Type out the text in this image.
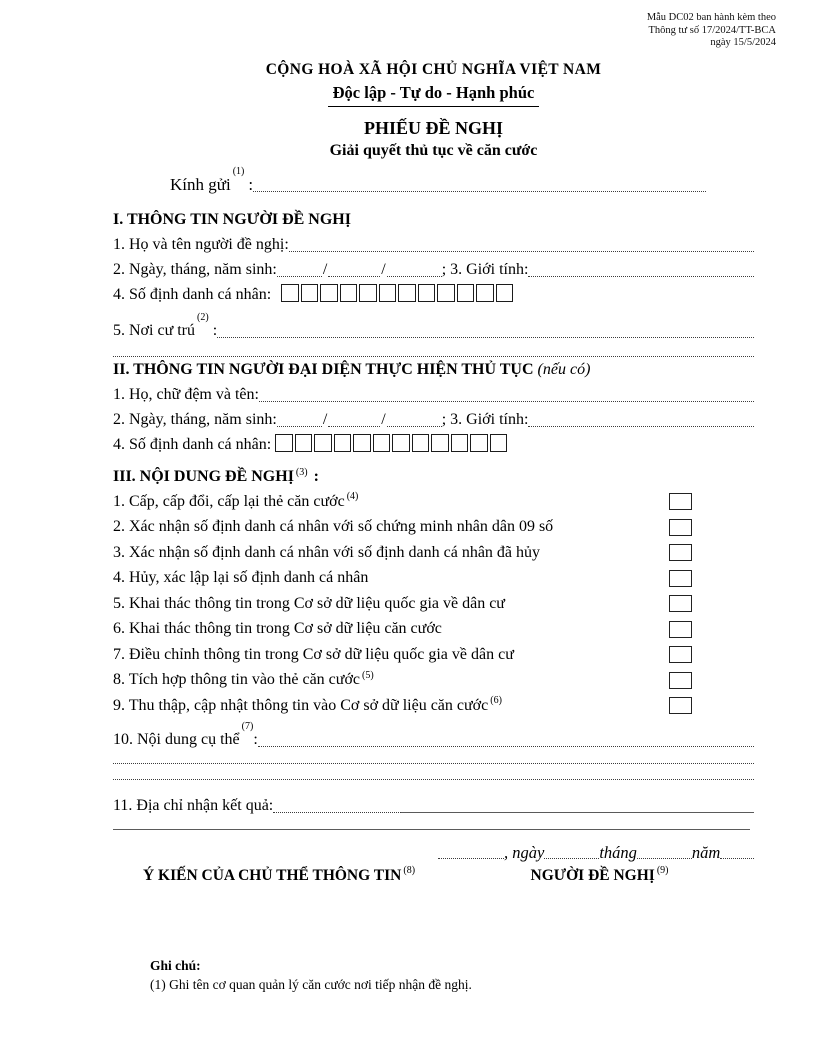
Mẫu DC02 ban hành kèm theo
Thông tư số 17/2024/TT-BCA
ngày 15/5/2024
CỘNG HOÀ XÃ HỘI CHỦ NGHĨA VIỆT NAM
Độc lập - Tự do - Hạnh phúc
PHIẾU ĐỀ NGHỊ
Giải quyết thủ tục về căn cước
Kính gửi
(1)
:
I. THÔNG TIN NGƯỜI ĐỀ NGHỊ
1. Họ và tên người đề nghị:
2. Ngày, tháng, năm sinh:	/	/	; 3. Giới tính:
4. Số định danh cá nhân:
5. Nơi cư trú
(2)
:
II. THÔNG TIN NGƯỜI ĐẠI DIỆN THỰC HIỆN THỦ TỤC (nếu có)
1. Họ, chữ đệm và tên:
2. Ngày, tháng, năm sinh:	/	/	; 3. Giới tính:
4. Số định danh cá nhân:
III. NỘI DUNG ĐỀ NGHỊ $^{(3)}$ :
1. Cấp, cấp đổi, cấp lại thẻ căn cước $^{(4)}$
2. Xác nhận số định danh cá nhân với số chứng minh nhân dân 09 số
3. Xác nhận số định danh cá nhân với số định danh cá nhân đã hủy
4. Hủy, xác lập lại số định danh cá nhân
5. Khai thác thông tin trong Cơ sở dữ liệu quốc gia về dân cư
6. Khai thác thông tin trong Cơ sở dữ liệu căn cước
7. Điều chỉnh thông tin trong Cơ sở dữ liệu quốc gia về dân cư
8. Tích hợp thông tin vào thẻ căn cước $^{(5)}$
9. Thu thập, cập nhật thông tin vào Cơ sở dữ liệu căn cước $^{(6)}$
10. Nội dung cụ thể
(7)
:
11. Địa chỉ nhận kết quả:
, ngày	tháng	năm
Ý KIẾN CỦA CHỦ THỂ THÔNG TIN $^{(8)}$	NGƯỜI ĐỀ NGHỊ $^{(9)}$
Ghi chú:
(1) Ghi tên cơ quan quản lý căn cước nơi tiếp nhận đề nghị.
